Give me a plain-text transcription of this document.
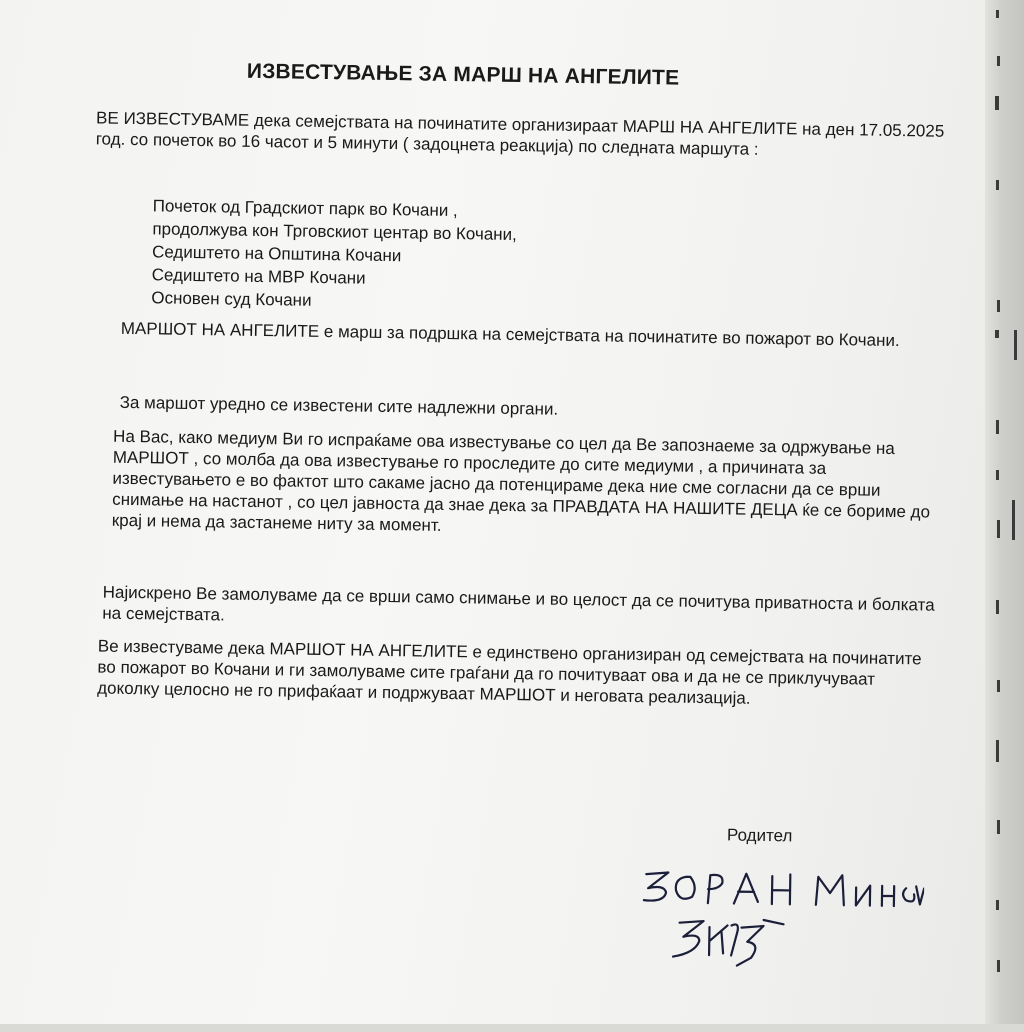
ИЗВЕСТУВАЊЕ ЗА МАРШ НА АНГЕЛИТЕ

ВЕ ИЗВЕСТУВАМЕ дека семејствата на починатите организираат МАРШ НА АНГЕЛИТЕ на ден 17.05.2025 год. со почеток во 16 часот и 5 минути ( задоцнета реакција) по следната маршута :

Почеток од Градскиот парк во Кочани ,
продолжува кон Трговскиот центар во Кочани,
Седиштето на Општина Кочани
Седиштето на МВР Кочани
Основен суд Кочани

МАРШОТ НА АНГЕЛИТЕ е марш за подршка на семејствата на починатите во пожарот во Кочани.

За маршот уредно се известени сите надлежни органи.

На Вас, како медиум Ви го испраќаме ова известување со цел да Ве запознаеме за одржување на МАРШОТ , со молба да ова известување го проследите до сите медиуми , а причината за известувањето е во фактот што сакаме јасно да потенцираме дека ние сме согласни да се врши снимање на настанот , со цел јавноста да знае дека за ПРАВДАТА НА НАШИТЕ ДЕЦА ќе се бориме до крај и нема да застанеме ниту за момент.

Најискрено Ве замолуваме да се врши само снимање и во целост да се почитува приватноста и болката на семејствата.

Ве известуваме дека МАРШОТ НА АНГЕЛИТЕ е единствено организиран од семејствата на починатите во пожарот во Кочани и ги замолуваме сите граѓани да го почитуваат ова и да не се приклучуваат доколку целосно не го прифаќаат и подржуваат МАРШОТ и неговата реализација.

Родител
